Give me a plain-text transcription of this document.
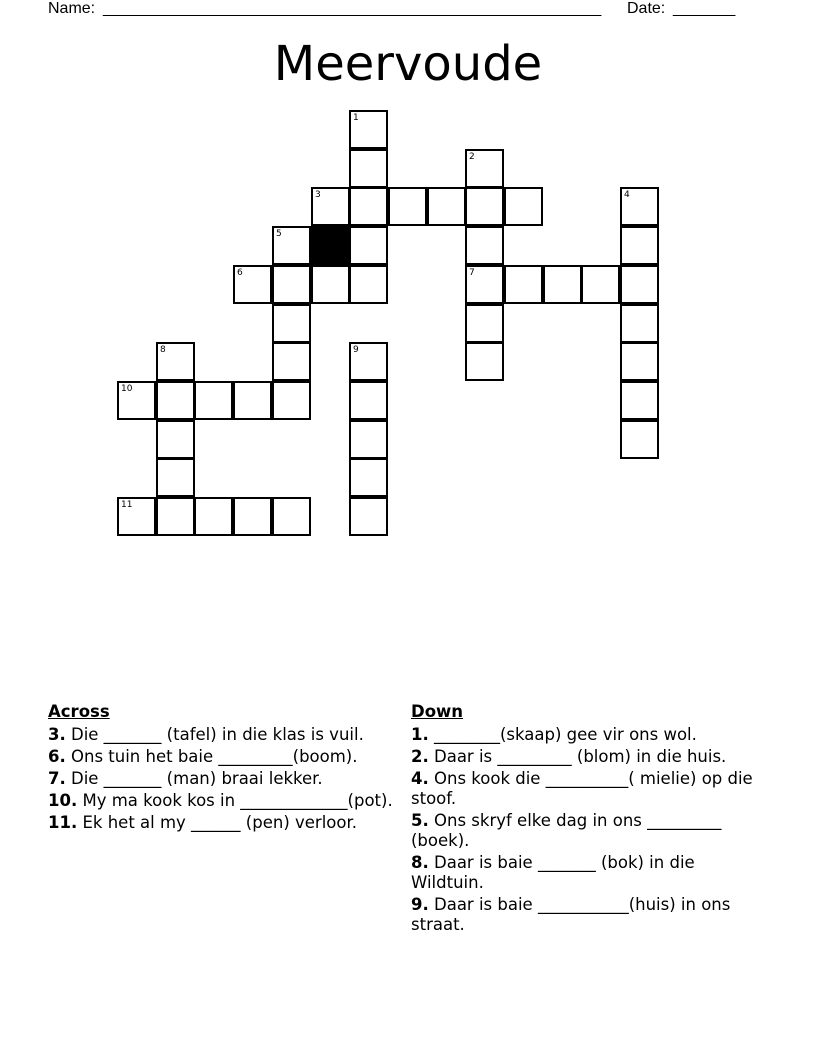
Name: ________________________________________________________ Date: _______
Meervoude
1
2
3	4
5
6	7
8	9
10
11
Across
3. Die _______ (tafel) in die klas is vuil.
6. Ons tuin het baie _________(boom).
7. Die _______ (man) braai lekker.
10. My ma kook kos in _____________(pot).
11. Ek het al my ______ (pen) verloor.
Down
1. ________(skaap) gee vir ons wol.
2. Daar is _________ (blom) in die huis.
4. Ons kook die __________( mielie) op die stoof.
5. Ons skryf elke dag in ons _________ (boek).
8. Daar is baie _______ (bok) in die Wildtuin.
9. Daar is baie ___________(huis) in ons straat.
